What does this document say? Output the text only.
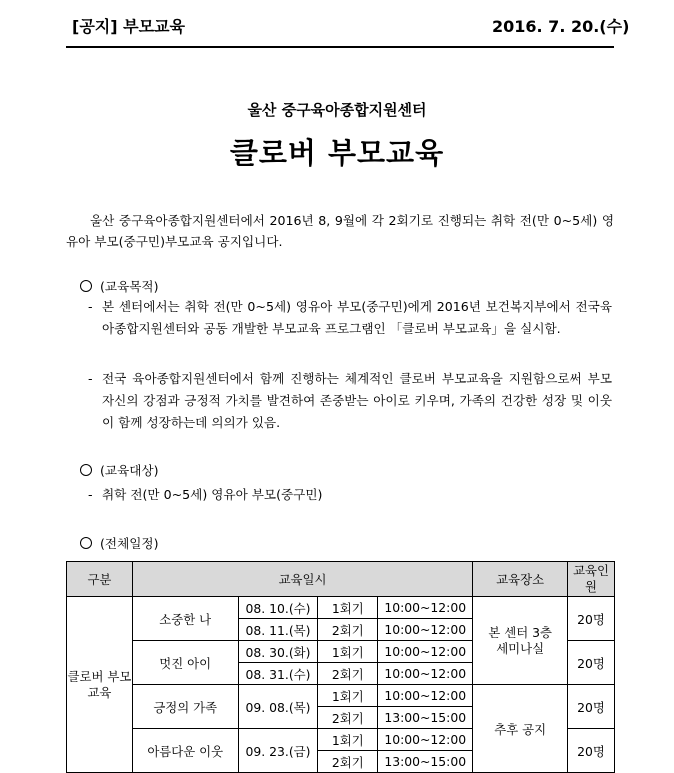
[공지] 부모교육	2016. 7. 20.(수)
울산 중구육아종합지원센터
클로버 부모교육
울산 중구육아종합지원센터에서 2016년 8, 9월에 각 2회기로 진행되는 취학 전(만 0~5세) 영유아 부모(중구민)부모교육 공지입니다.
(교육목적)
- 본 센터에서는 취학 전(만 0~5세) 영유아 부모(중구민)에게 2016년 보건복지부에서 전국육아종합지원센터와 공동 개발한 부모교육 프로그램인 「클로버 부모교육」을 실시함.
- 전국 육아종합지원센터에서 함께 진행하는 체계적인 클로버 부모교육을 지원함으로써 부모 자신의 강점과 긍정적 가치를 발견하여 존중받는 아이로 키우며, 가족의 건강한 성장 및 이웃이 함께 성장하는데 의의가 있음.
(교육대상)
- 취학 전(만 0~5세) 영유아 부모(중구민)
(전체일정)
구분	교육일시				교육장소	교육인원
클로버 부모교육	소중한 나	08. 10.(수)	1회기	10:00~12:00	본 센터 3층 세미나실	20명
		08. 11.(목)	2회기	10:00~12:00		
	멋진 아이	08. 30.(화)	1회기	10:00~12:00		20명
		08. 31.(수)	2회기	10:00~12:00		
	긍정의 가족	09. 08.(목)	1회기	10:00~12:00	추후 공지	20명
			2회기	13:00~15:00		
	아름다운 이웃	09. 23.(금)	1회기	10:00~12:00		20명
			2회기	13:00~15:00		
